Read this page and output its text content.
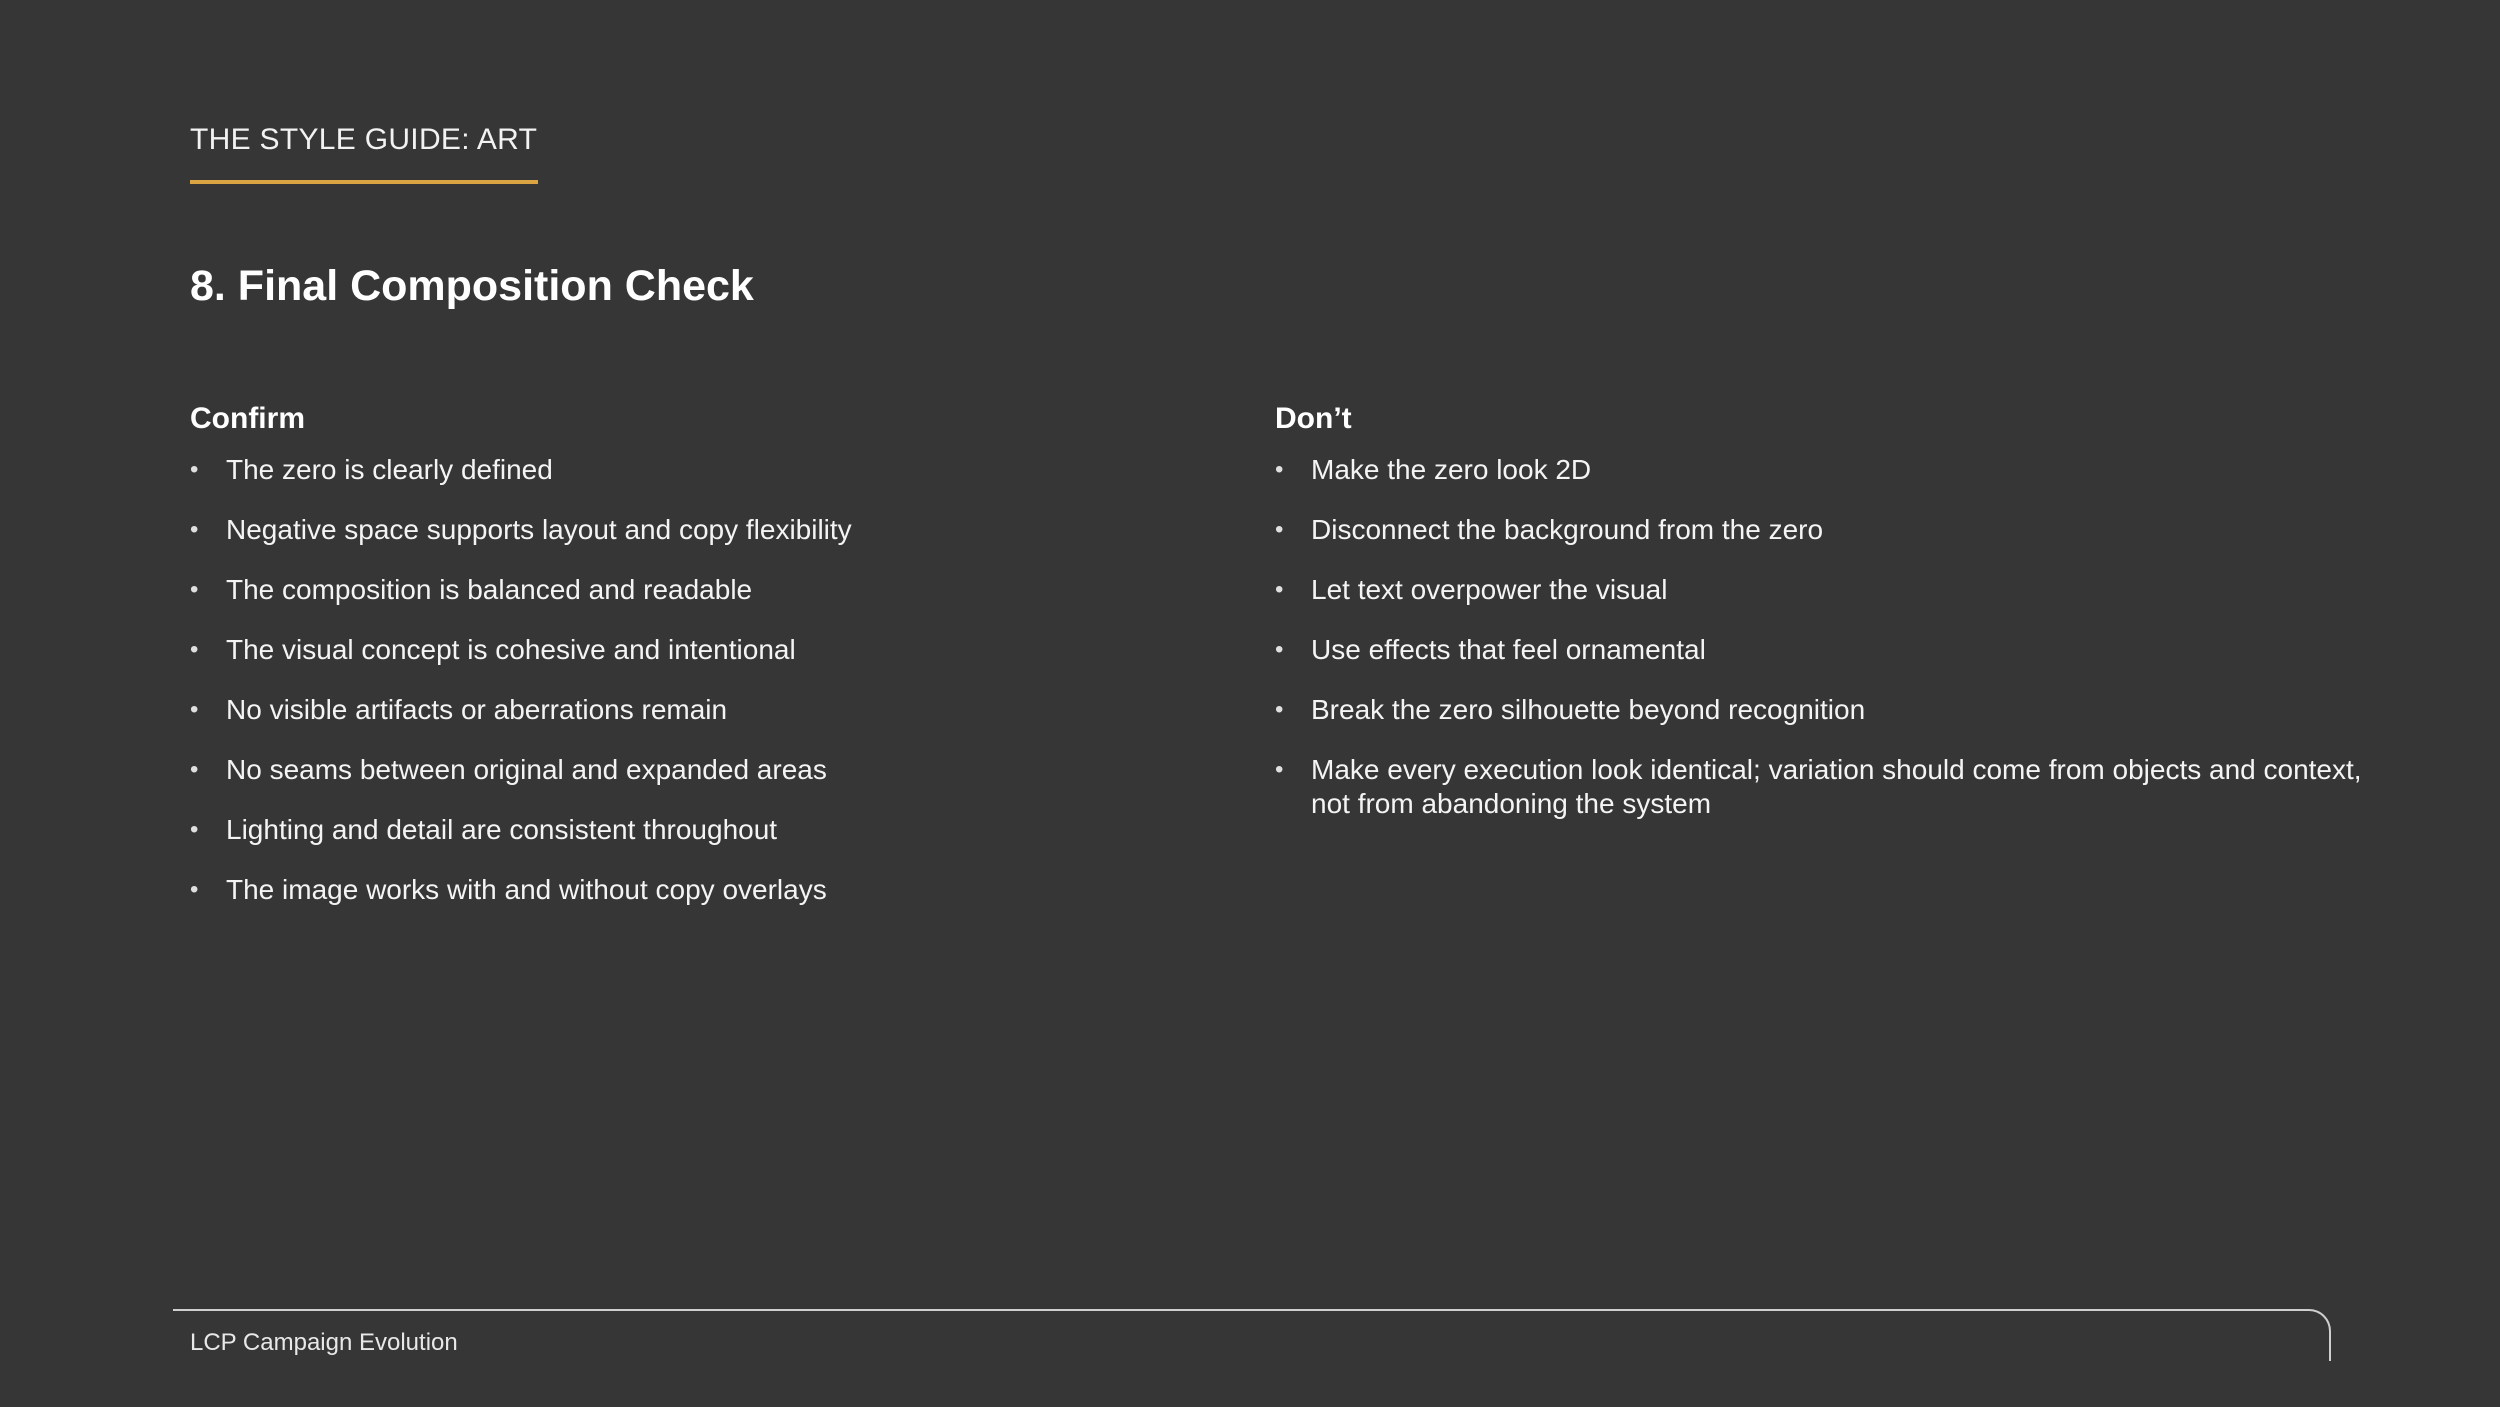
THE STYLE GUIDE: ART
8. Final Composition Check
Confirm
• The zero is clearly defined
• Negative space supports layout and copy flexibility
• The composition is balanced and readable
• The visual concept is cohesive and intentional
• No visible artifacts or aberrations remain
• No seams between original and expanded areas
• Lighting and detail are consistent throughout
• The image works with and without copy overlays
Don’t
• Make the zero look 2D
• Disconnect the background from the zero
• Let text overpower the visual
• Use effects that feel ornamental
• Break the zero silhouette beyond recognition
• Make every execution look identical; variation should come from objects and context, not from abandoning the system
LCP Campaign Evolution
